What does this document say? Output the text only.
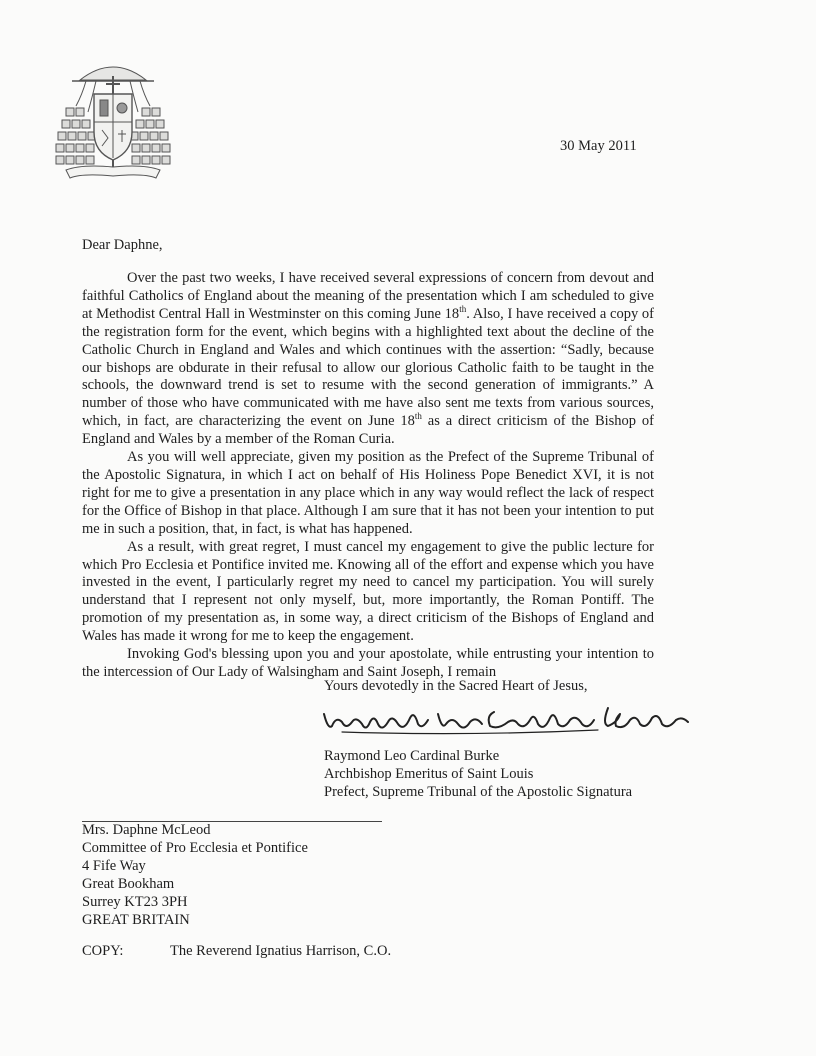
30 May 2011
Dear Daphne,

Over the past two weeks, I have received several expressions of concern from devout and faithful Catholics of England about the meaning of the presentation which I am scheduled to give at Methodist Central Hall in Westminster on this coming June 18th. Also, I have received a copy of the registration form for the event, which begins with a highlighted text about the decline of the Catholic Church in England and Wales and which continues with the assertion: “Sadly, because our bishops are obdurate in their refusal to allow our glorious Catholic faith to be taught in the schools, the downward trend is set to resume with the second generation of immigrants.” A number of those who have communicated with me have also sent me texts from various sources, which, in fact, are characterizing the event on June 18th as a direct criticism of the Bishop of England and Wales by a member of the Roman Curia.

As you will well appreciate, given my position as the Prefect of the Supreme Tribunal of the Apostolic Signatura, in which I act on behalf of His Holiness Pope Benedict XVI, it is not right for me to give a presentation in any place which in any way would reflect the lack of respect for the Office of Bishop in that place. Although I am sure that it has not been your intention to put me in such a position, that, in fact, is what has happened.

As a result, with great regret, I must cancel my engagement to give the public lecture for which Pro Ecclesia et Pontifice invited me. Knowing all of the effort and expense which you have invested in the event, I particularly regret my need to cancel my participation. You will surely understand that I represent not only myself, but, more importantly, the Roman Pontiff. The promotion of my presentation as, in some way, a direct criticism of the Bishops of England and Wales has made it wrong for me to keep the engagement.

Invoking God's blessing upon you and your apostolate, while entrusting your intention to the intercession of Our Lady of Walsingham and Saint Joseph, I remain

Yours devotedly in the Sacred Heart of Jesus,
Raymond Leo Cardinal Burke
Archbishop Emeritus of Saint Louis
Prefect, Supreme Tribunal of the Apostolic Signatura
Mrs. Daphne McLeod
Committee of Pro Ecclesia et Pontifice
4 Fife Way
Great Bookham
Surrey KT23 3PH
GREAT BRITAIN
COPY:	The Reverend Ignatius Harrison, C.O.
